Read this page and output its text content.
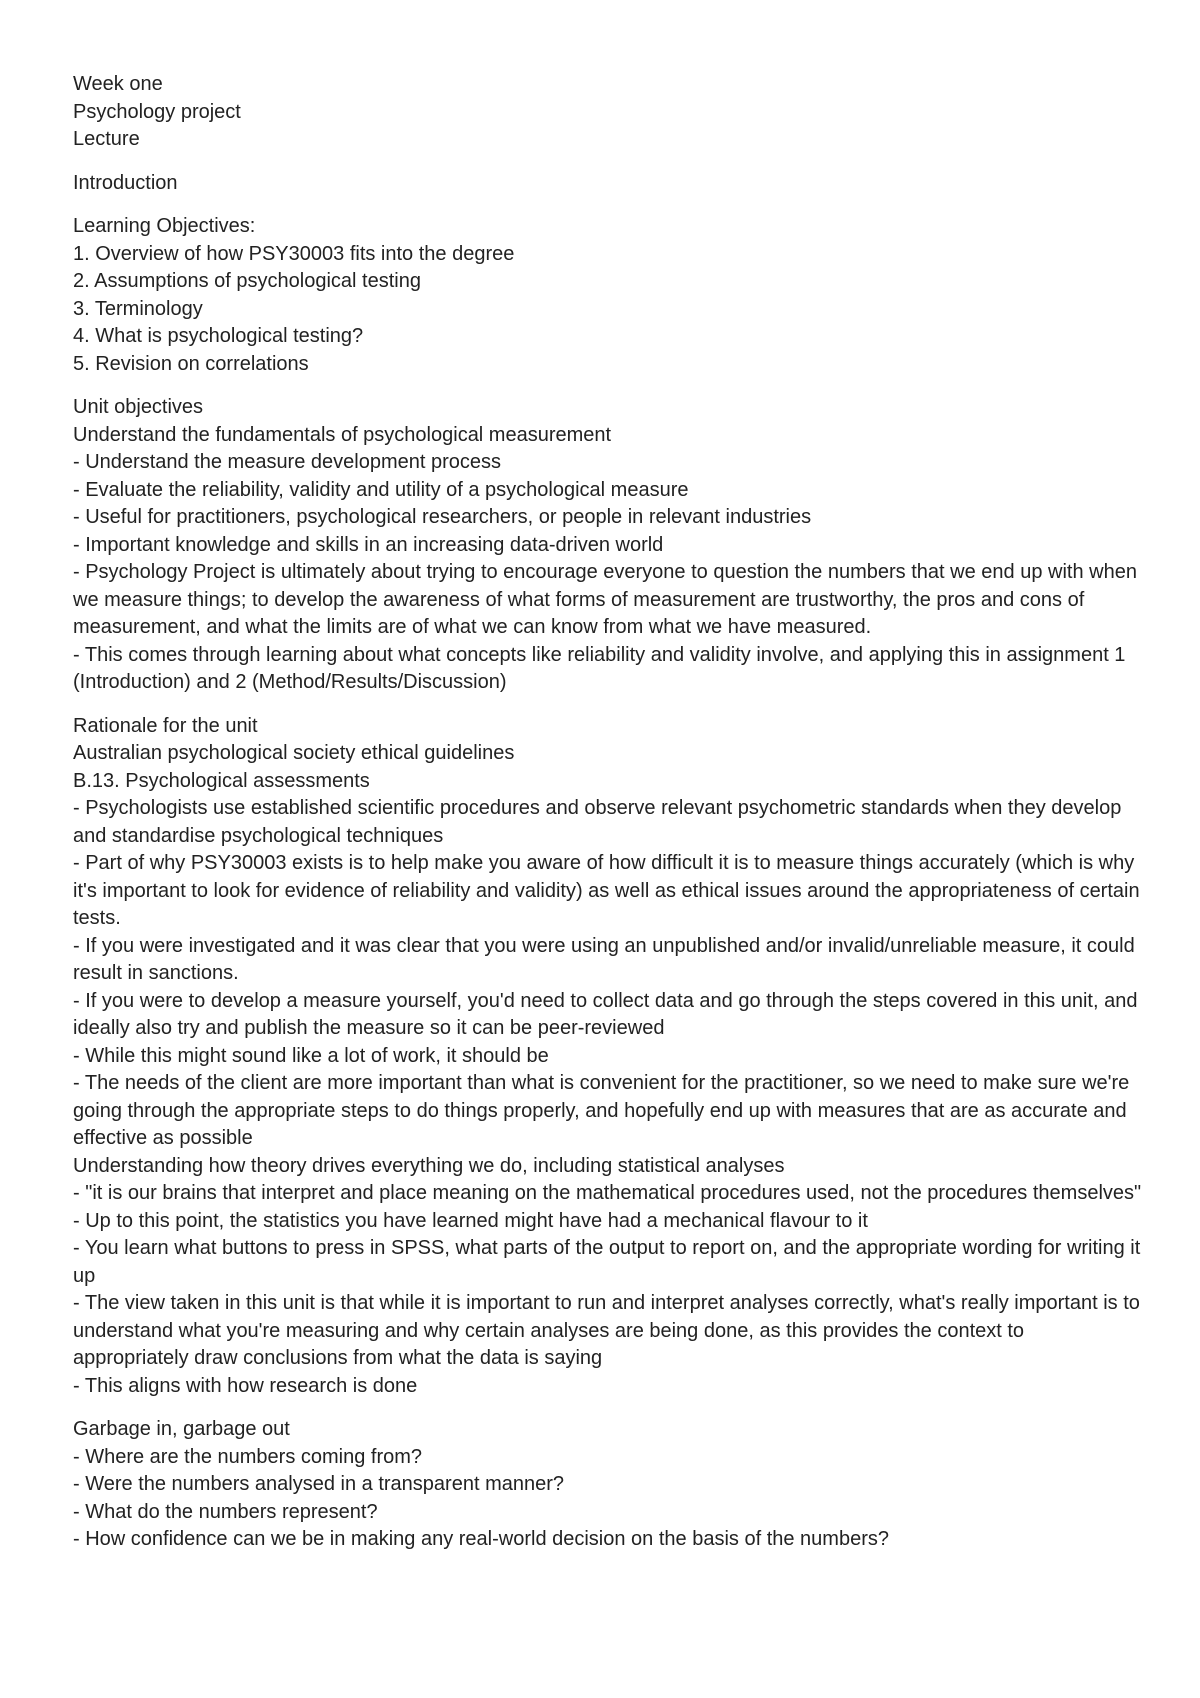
Week one
Psychology project
Lecture
Introduction
Learning Objectives:
1. Overview of how PSY30003 fits into the degree
2. Assumptions of psychological testing
3. Terminology
4. What is psychological testing?
5. Revision on correlations
Unit objectives
Understand the fundamentals of psychological measurement
- Understand the measure development process
- Evaluate the reliability, validity and utility of a psychological measure
- Useful for practitioners, psychological researchers, or people in relevant industries
- Important knowledge and skills in an increasing data-driven world
- Psychology Project is ultimately about trying to encourage everyone to question the numbers that we end up with when we measure things; to develop the awareness of what forms of measurement are trustworthy, the pros and cons of measurement, and what the limits are of what we can know from what we have measured.
- This comes through learning about what concepts like reliability and validity involve, and applying this in assignment 1 (Introduction) and 2 (Method/Results/Discussion)
Rationale for the unit
Australian psychological society ethical guidelines
B.13. Psychological assessments
- Psychologists use established scientific procedures and observe relevant psychometric standards when they develop and standardise psychological techniques
- Part of why PSY30003 exists is to help make you aware of how difficult it is to measure things accurately (which is why it's important to look for evidence of reliability and validity) as well as ethical issues around the appropriateness of certain tests.
- If you were investigated and it was clear that you were using an unpublished and/or invalid/unreliable measure, it could result in sanctions.
- If you were to develop a measure yourself, you'd need to collect data and go through the steps covered in this unit, and ideally also try and publish the measure so it can be peer-reviewed
- While this might sound like a lot of work, it should be
- The needs of the client are more important than what is convenient for the practitioner, so we need to make sure we're going through the appropriate steps to do things properly, and hopefully end up with measures that are as accurate and effective as possible
Understanding how theory drives everything we do, including statistical analyses
- "it is our brains that interpret and place meaning on the mathematical procedures used, not the procedures themselves"
- Up to this point, the statistics you have learned might have had a mechanical flavour to it
- You learn what buttons to press in SPSS, what parts of the output to report on, and the appropriate wording for writing it up
- The view taken in this unit is that while it is important to run and interpret analyses correctly, what's really important is to understand what you're measuring and why certain analyses are being done, as this provides the context to appropriately draw conclusions from what the data is saying
- This aligns with how research is done
Garbage in, garbage out
- Where are the numbers coming from?
- Were the numbers analysed in a transparent manner?
- What do the numbers represent?
- How confidence can we be in making any real-world decision on the basis of the numbers?
